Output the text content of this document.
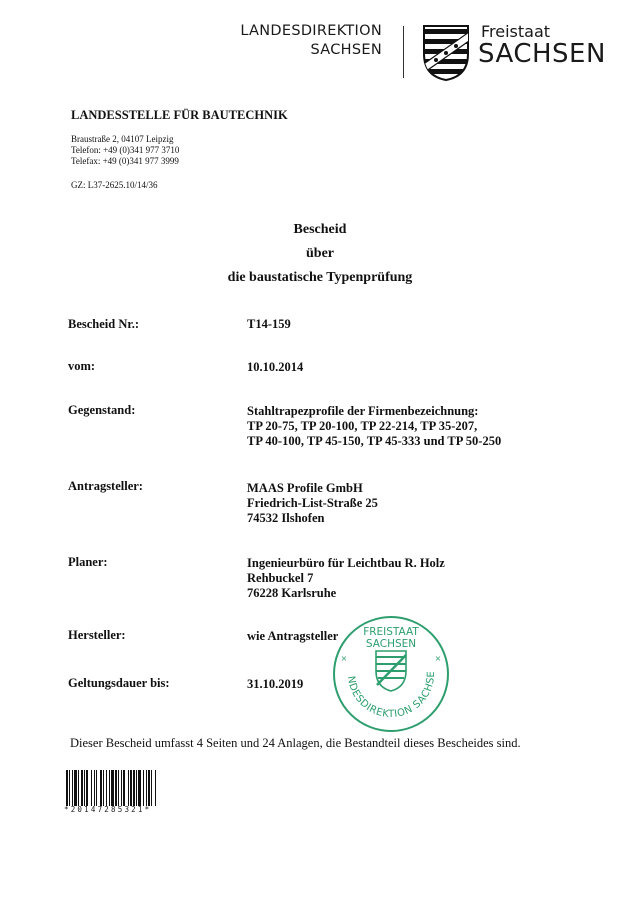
LANDESDIREKTION
SACHSEN
Freistaat
SACHSEN
LANDESSTELLE FÜR BAUTECHNIK
Braustraße 2, 04107 Leipzig
Telefon: +49 (0)341 977 3710
Telefax: +49 (0)341 977 3999
GZ: L37-2625.10/14/36
Bescheid
über
die baustatische Typenprüfung
Bescheid Nr.:	T14-159
vom:	10.10.2014
Gegenstand:	Stahltrapezprofile der Firmenbezeichnung:
TP 20-75, TP 20-100, TP 22-214, TP 35-207,
TP 40-100, TP 45-150, TP 45-333 und TP 50-250
Antragsteller:	MAAS Profile GmbH
Friedrich-List-Straße 25
74532 Ilshofen
Planer:	Ingenieurbüro für Leichtbau R. Holz
Rehbuckel 7
76228 Karlsruhe
Hersteller:	wie Antragsteller
Geltungsdauer bis:	31.10.2019
FREISTAAT
SACHSEN
×	×
NDESDIREKTION SACHSE
Dieser Bescheid umfasst 4 Seiten und 24 Anlagen, die Bestandteil dieses Bescheides sind.
*20147285321*
